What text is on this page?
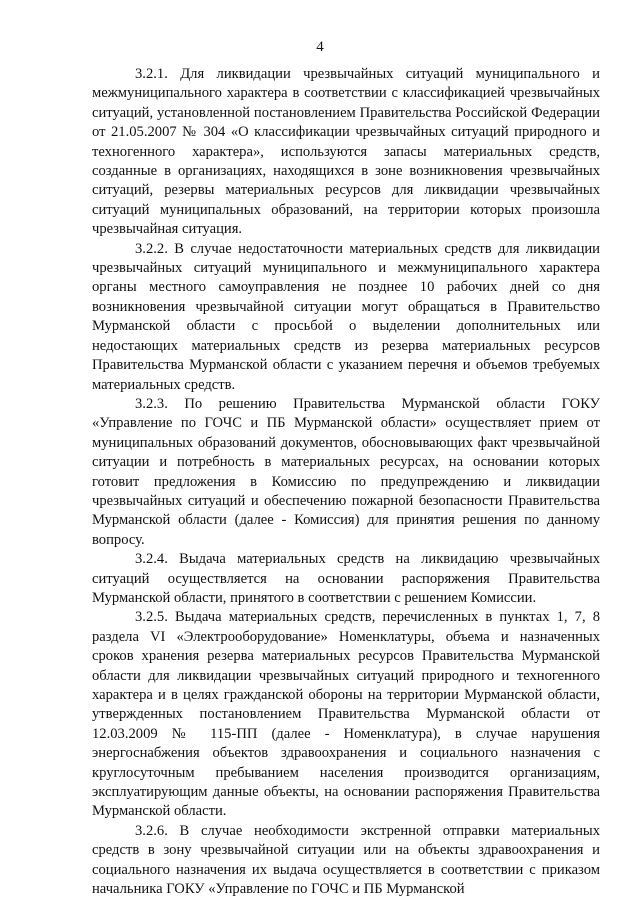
4

3.2.1. Для ликвидации чрезвычайных ситуаций муниципального и межмуниципального характера в соответствии с классификацией чрезвычайных ситуаций, установленной постановлением Правительства Российской Федерации от 21.05.2007 № 304 «О классификации чрезвычайных ситуаций природного и техногенного характера», используются запасы материальных средств, созданные в организациях, находящихся в зоне возникновения чрезвычайных ситуаций, резервы материальных ресурсов для ликвидации чрезвычайных ситуаций муниципальных образований, на территории которых произошла чрезвычайная ситуация.

3.2.2. В случае недостаточности материальных средств для ликвидации чрезвычайных ситуаций муниципального и межмуниципального характера органы местного самоуправления не позднее 10 рабочих дней со дня возникновения чрезвычайной ситуации могут обращаться в Правительство Мурманской области с просьбой о выделении дополнительных или недостающих материальных средств из резерва материальных ресурсов Правительства Мурманской области с указанием перечня и объемов требуемых материальных средств.

3.2.3. По решению Правительства Мурманской области ГОКУ «Управление по ГОЧС и ПБ Мурманской области» осуществляет прием от муниципальных образований документов, обосновывающих факт чрезвычайной ситуации и потребность в материальных ресурсах, на основании которых готовит предложения в Комиссию по предупреждению и ликвидации чрезвычайных ситуаций и обеспечению пожарной безопасности Правительства Мурманской области (далее - Комиссия) для принятия решения по данному вопросу.

3.2.4. Выдача материальных средств на ликвидацию чрезвычайных ситуаций осуществляется на основании распоряжения Правительства Мурманской области, принятого в соответствии с решением Комиссии.

3.2.5. Выдача материальных средств, перечисленных в пунктах 1, 7, 8 раздела VI «Электрооборудование» Номенклатуры, объема и назначенных сроков хранения резерва материальных ресурсов Правительства Мурманской области для ликвидации чрезвычайных ситуаций природного и техногенного характера и в целях гражданской обороны на территории Мурманской области, утвержденных постановлением Правительства Мурманской области от 12.03.2009 № 115-ПП (далее - Номенклатура), в случае нарушения энергоснабжения объектов здравоохранения и социального назначения с круглосуточным пребыванием населения производится организациям, эксплуатирующим данные объекты, на основании распоряжения Правительства Мурманской области.

3.2.6. В случае необходимости экстренной отправки материальных средств в зону чрезвычайной ситуации или на объекты здравоохранения и социального назначения их выдача осуществляется в соответствии с приказом начальника ГОКУ «Управление по ГОЧС и ПБ Мурманской
